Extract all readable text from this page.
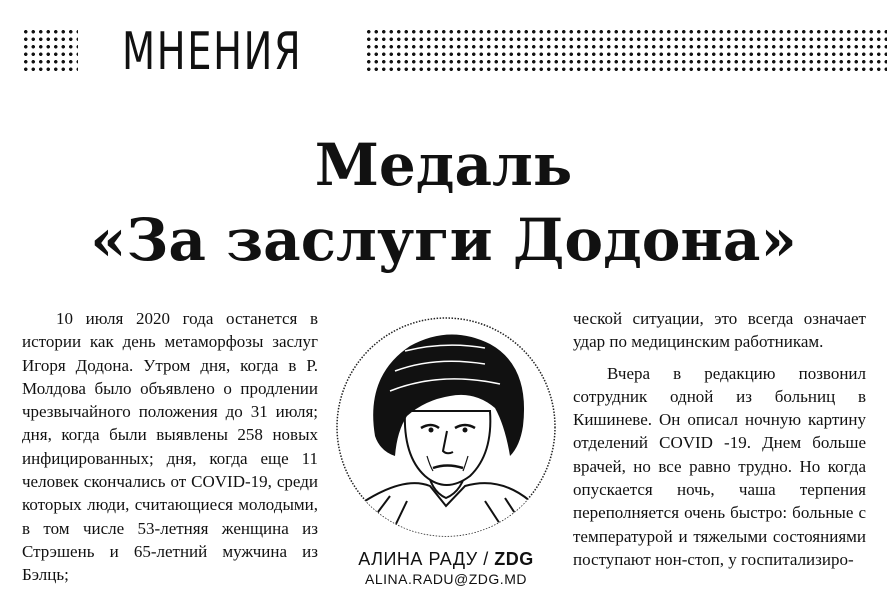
МНЕНИЯ
Медаль
«За заслуги Додона»

10 июля 2020 года останется в истории как день метаморфозы заслуг Игоря Додона. Утром дня, когда в Р. Молдова было объявлено о продлении чрезвычайного положения до 31 июля; дня, когда были выявлены 258 новых инфицированных; дня, когда еще 11 человек скончались от COVID-19, среди которых люди, считающиеся молодыми, в том числе 53-летняя женщина из Стрэшень и 65-летний мужчина из Бэлць;

АЛИНА РАДУ / ZDG
ALINA.RADU@ZDG.MD

ческой ситуации, это всегда означает удар по медицинским работникам.

Вчера в редакцию позвонил сотрудник одной из больниц в Кишиневе. Он описал ночную картину отделений COVID -19. Днем больше врачей, но все равно трудно. Но когда опускается ночь, чаша терпения переполняется очень быстро: больные с температурой и тяжелыми состояниями поступают нон-стоп, у госпитализиро-
